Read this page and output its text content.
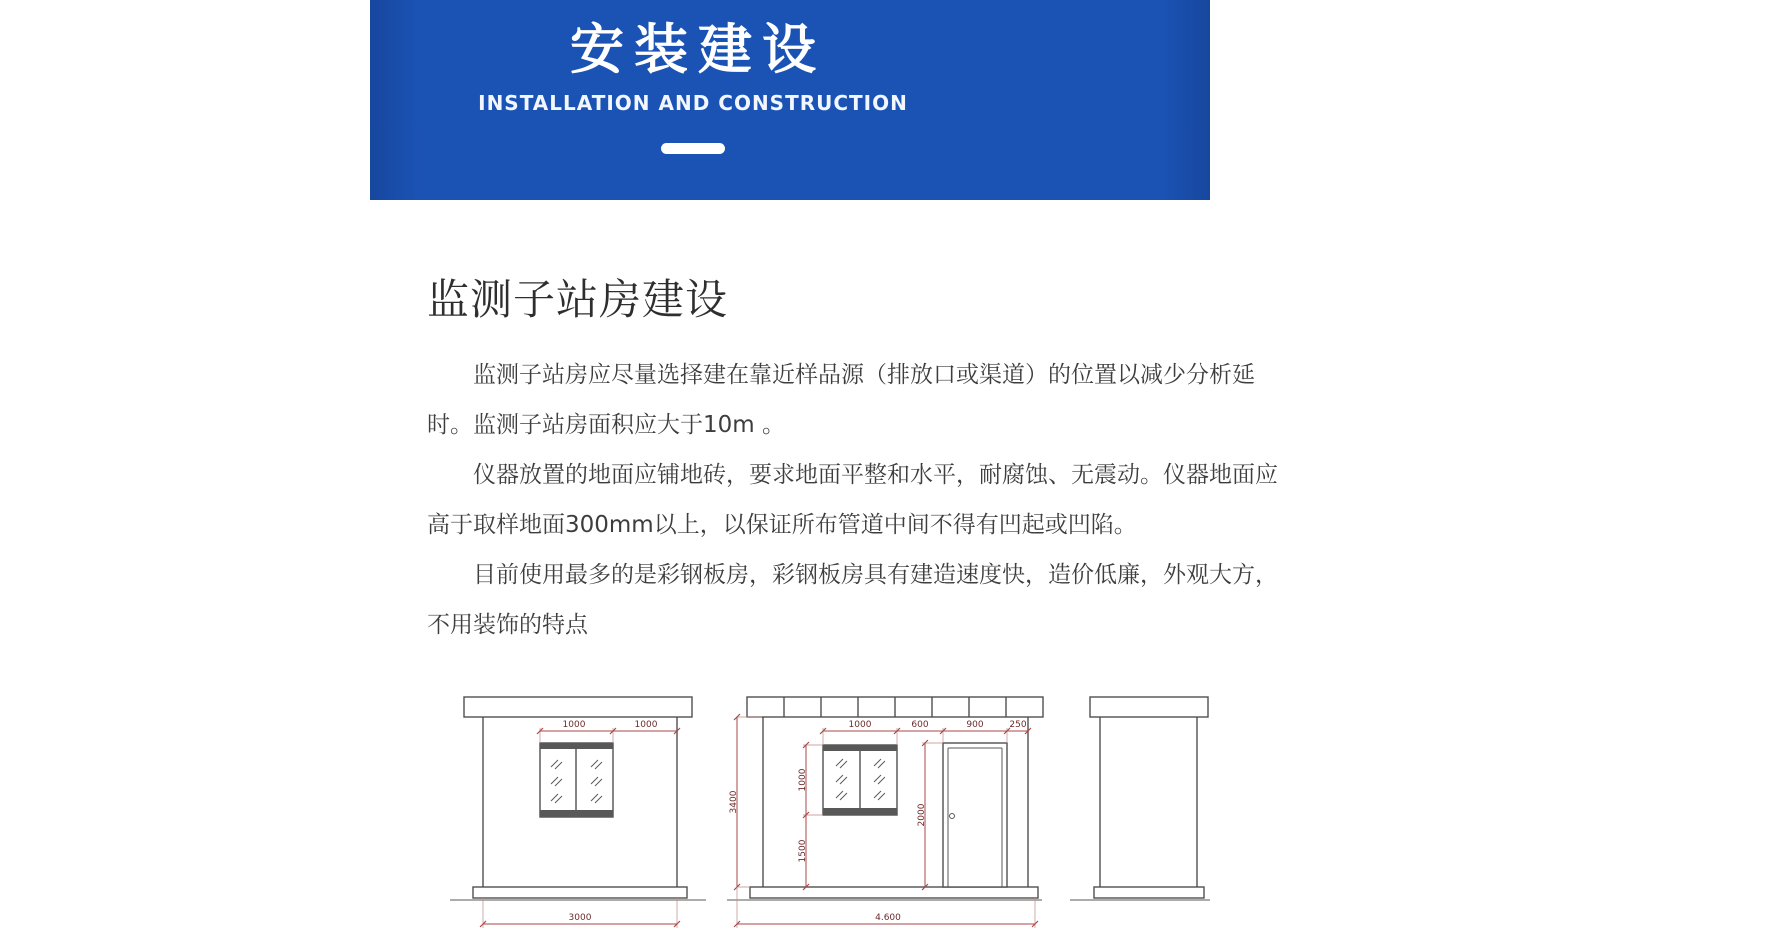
安装建设
INSTALLATION AND CONSTRUCTION
监测子站房建设
　　监测子站房应尽量选择建在靠近样品源（排放口或渠道）的位置以减少分析延
时。监测子站房面积应大于10m 。
　　仪器放置的地面应铺地砖，要求地面平整和水平，耐腐蚀、无震动。仪器地面应
高于取样地面300mm以上，以保证所布管道中间不得有凹起或凹陷。
　　目前使用最多的是彩钢板房，彩钢板房具有建造速度快，造价低廉，外观大方，
不用装饰的特点
1000	1000
3000
1000	600	900	250
3400
1000
1500
2000
4.600
